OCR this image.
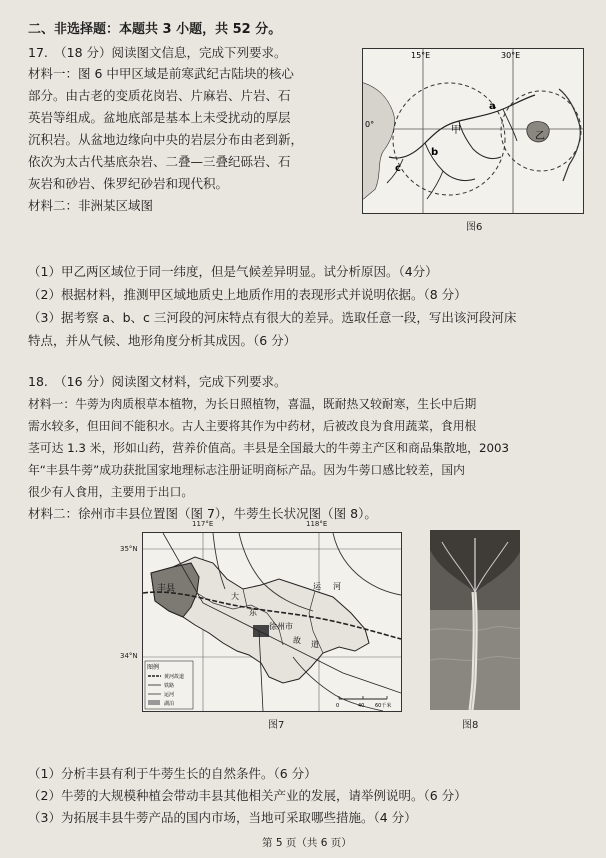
二、非选择题：本题共 3 小题，共 52 分。
17.　（18 分）阅读图文信息，完成下列要求。
材料一：图 6 中甲区域是前寒武纪古陆块的核心
部分。由古老的变质花岗岩、片麻岩、片岩、石
英岩等组成。盆地底部是基本上未受扰动的厚层
沉积岩。从盆地边缘向中央的岩层分布由老到新，
依次为太古代基底杂岩、二叠—三叠纪砾岩、石
灰岩和砂岩、侏罗纪砂岩和现代积。
材料二：非洲某区域图
15°E	30°E
0°
甲
乙
a
b
c
图6
（1）甲乙两区域位于同一纬度，但是气候差异明显。试分析原因。（4分）
（2）根据材料，推测甲区域地质史上地质作用的表现形式并说明依据。（8 分）
（3）据考察 a、b、c 三河段的河床特点有很大的差异。选取任意一段，写出该河段河床
特点，并从气候、地形角度分析其成因。（6 分）
18.　（16 分）阅读图文材料，完成下列要求。
材料一：牛蒡为肉质根草本植物，为长日照植物，喜温，既耐热又较耐寒，生长中后期
需水较多，但田间不能积水。古人主要将其作为中药材，后被改良为食用蔬菜，食用根
茎可达 1.3 米，形如山药，营养价值高。丰县是全国最大的牛蒡主产区和商品集散地，2003
年“丰县牛蒡”成功获批国家地理标志注册证明商标产品。因为牛蒡口感比较差，国内
很少有人食用，主要用于出口。
材料二：徐州市丰县位置图（图 7），牛蒡生长状况图（图 8）。
117°E	118°E
35°N
34°N
丰县
徐州市
运 河
大
东
故 道
图例
黄河故道
铁路
运河
湖泊	0	40 60千米
图7	图8
（1）分析丰县有利于牛蒡生长的自然条件。（6 分）
（2）牛蒡的大规模种植会带动丰县其他相关产业的发展，请举例说明。（6 分）
（3）为拓展丰县牛蒡产品的国内市场，当地可采取哪些措施。（4 分）
第 5 页（共 6 页）
